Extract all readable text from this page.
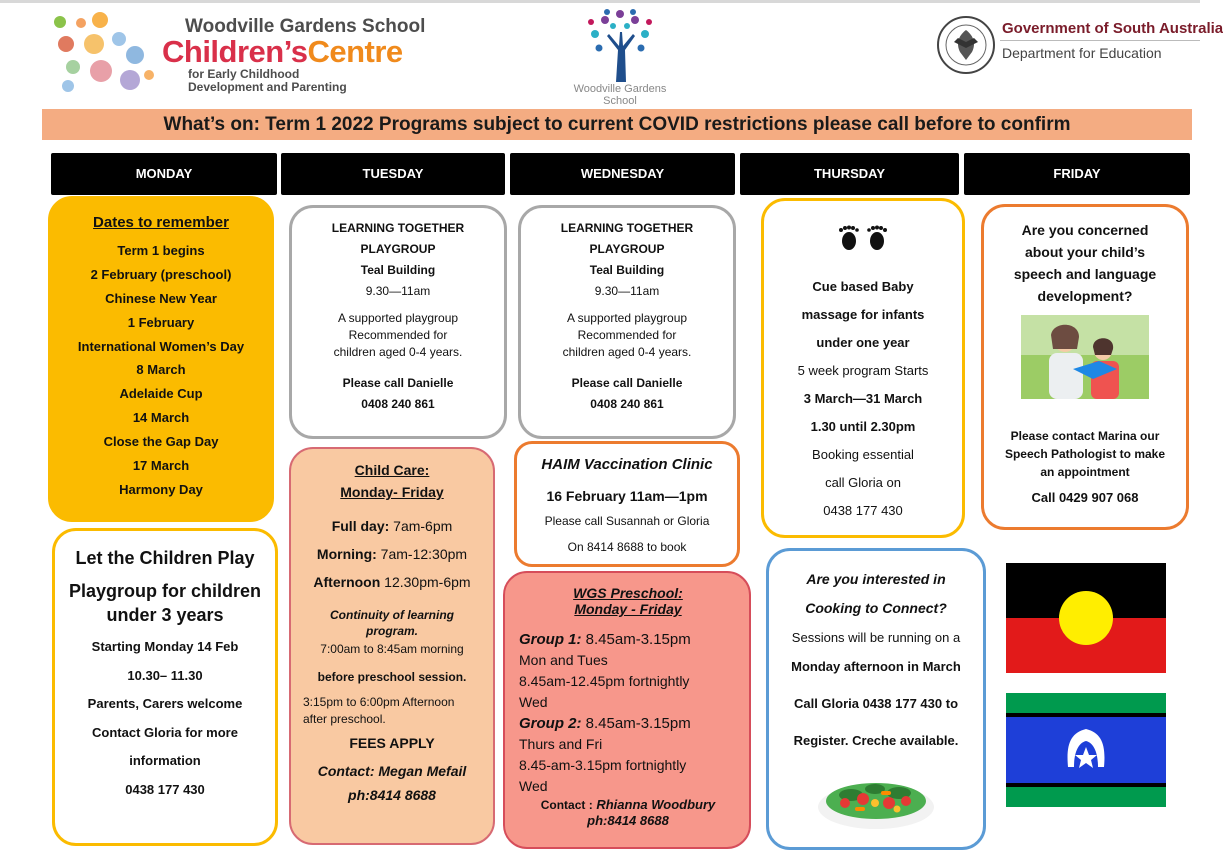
Woodville Gardens School
Children’sCentre
for Early Childhood
Development and Parenting	Woodville Gardens
School
Government of South Australia
Department for Education
What’s on: Term 1 2022 Programs subject to current COVID restrictions please call before to confirm
MONDAY	TUESDAY	WEDNESDAY	THURSDAY	FRIDAY
Dates to remember
Term 1 begins
2 February (preschool)
Chinese New Year
1 February
International Women’s Day
8 March
Adelaide Cup
14 March
Close the Gap Day
17 March
Harmony Day
Let the Children Play
Playgroup for children
under 3 years
Starting Monday 14 Feb
10.30– 11.30
Parents, Carers welcome
Contact Gloria for more
information
0438 177 430
LEARNING TOGETHER
PLAYGROUP
Teal Building
9.30—11am
A supported playgroup
Recommended for
children aged 0-4 years.
Please call Danielle
0408 240 861
LEARNING TOGETHER
PLAYGROUP
Teal Building
9.30—11am
A supported playgroup
Recommended for
children aged 0-4 years.
Please call Danielle
0408 240 861
Child Care:
Monday- Friday
Full day: 7am-6pm
Morning: 7am-12:30pm
Afternoon 12.30pm-6pm
Continuity of learning
program.
7:00am to 8:45am morning
before preschool session.
3:15pm to 6:00pm Afternoon
after preschool.
FEES APPLY
Contact: Megan Mefail
ph:8414 8688
HAIM Vaccination Clinic
16 February 11am—1pm
Please call Susannah or Gloria
On 8414 8688 to book
WGS Preschool:
Monday - Friday
Group 1: 8.45am-3.15pm
Mon and Tues
8.45am-12.45pm fortnightly
Wed
Group 2: 8.45am-3.15pm
Thurs and Fri
8.45-am-3.15pm fortnightly
Wed
Contact : Rhianna Woodbury
ph:8414 8688
Cue based Baby
massage for infants
under one year
5 week program Starts
3 March—31 March
1.30 until 2.30pm
Booking essential
call Gloria on
0438 177 430
Are you interested in
Cooking to Connect?
Sessions will be running on a
Monday afternoon in March
Call Gloria 0438 177 430 to
Register. Creche available.
Are you concerned
about your child’s
speech and language
development?
Please contact Marina our
Speech Pathologist to make
an appointment
Call 0429 907 068
